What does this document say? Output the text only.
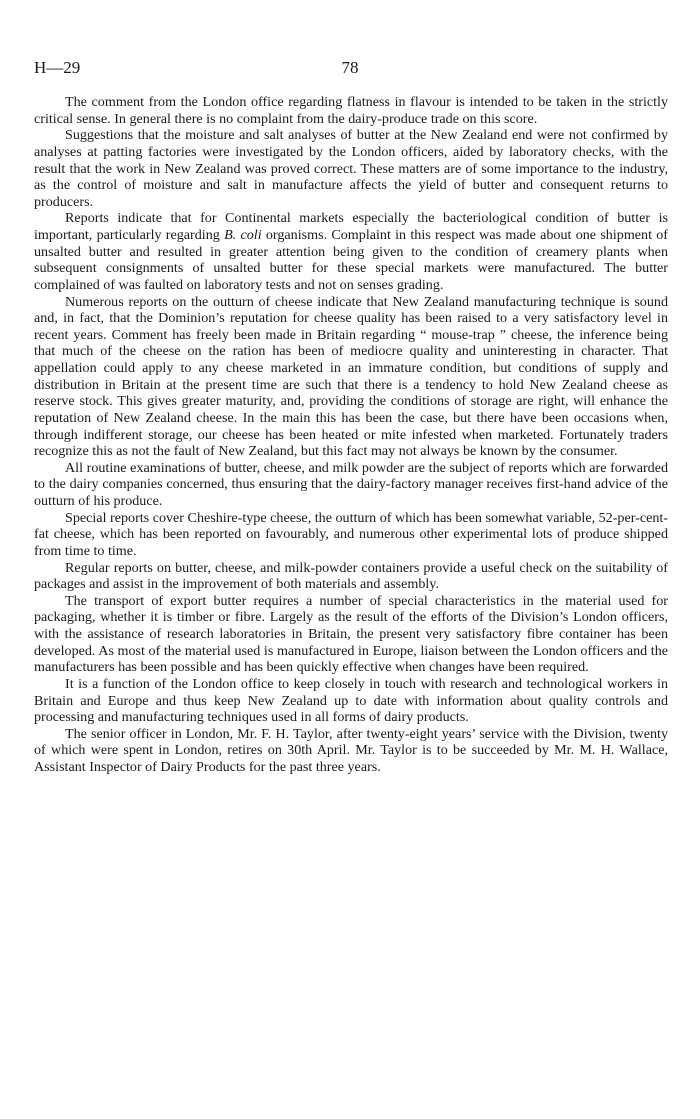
H—29	78

The comment from the London office regarding flatness in flavour is intended to be taken in the strictly critical sense. In general there is no complaint from the dairy-produce trade on this score.

Suggestions that the moisture and salt analyses of butter at the New Zealand end were not confirmed by analyses at patting factories were investigated by the London officers, aided by laboratory checks, with the result that the work in New Zealand was proved correct. These matters are of some importance to the industry, as the control of moisture and salt in manufacture affects the yield of butter and consequent returns to producers.

Reports indicate that for Continental markets especially the bacteriological condition of butter is important, particularly regarding B. coli organisms. Complaint in this respect was made about one shipment of unsalted butter and resulted in greater attention being given to the condition of creamery plants when subsequent consignments of unsalted butter for these special markets were manufactured. The butter complained of was faulted on laboratory tests and not on senses grading.

Numerous reports on the outturn of cheese indicate that New Zealand manufacturing technique is sound and, in fact, that the Dominion’s reputation for cheese quality has been raised to a very satisfactory level in recent years. Comment has freely been made in Britain regarding “ mouse-trap ” cheese, the inference being that much of the cheese on the ration has been of mediocre quality and uninteresting in character. That appellation could apply to any cheese marketed in an immature condition, but conditions of supply and distribution in Britain at the present time are such that there is a tendency to hold New Zealand cheese as reserve stock. This gives greater maturity, and, providing the conditions of storage are right, will enhance the reputation of New Zealand cheese. In the main this has been the case, but there have been occasions when, through indifferent storage, our cheese has been heated or mite infested when marketed. Fortunately traders recognize this as not the fault of New Zealand, but this fact may not always be known by the consumer.

All routine examinations of butter, cheese, and milk powder are the subject of reports which are forwarded to the dairy companies concerned, thus ensuring that the dairy-factory manager receives first-hand advice of the outturn of his produce.

Special reports cover Cheshire-type cheese, the outturn of which has been somewhat variable, 52-per-cent-fat cheese, which has been reported on favourably, and numerous other experimental lots of produce shipped from time to time.

Regular reports on butter, cheese, and milk-powder containers provide a useful check on the suitability of packages and assist in the improvement of both materials and assembly.

The transport of export butter requires a number of special characteristics in the material used for packaging, whether it is timber or fibre. Largely as the result of the efforts of the Division’s London officers, with the assistance of research laboratories in Britain, the present very satisfactory fibre container has been developed. As most of the material used is manufactured in Europe, liaison between the London officers and the manufacturers has been possible and has been quickly effective when changes have been required.

It is a function of the London office to keep closely in touch with research and technological workers in Britain and Europe and thus keep New Zealand up to date with information about quality controls and processing and manufacturing techniques used in all forms of dairy products.

The senior officer in London, Mr. F. H. Taylor, after twenty-eight years’ service with the Division, twenty of which were spent in London, retires on 30th April. Mr. Taylor is to be succeeded by Mr. M. H. Wallace, Assistant Inspector of Dairy Products for the past three years.
